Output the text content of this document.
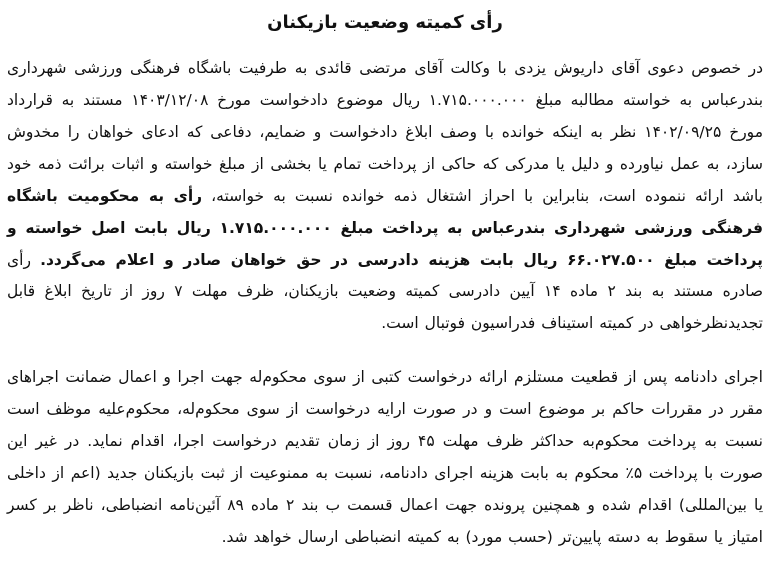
رأی کمیته وضعیت بازیکنان

در خصوص دعوی آقای داریوش یزدی با وکالت آقای مرتضی قائدی به طرفیت باشگاه فرهنگی ورزشی شهرداری بندرعباس به خواسته مطالبه مبلغ ۱.۷۱۵.۰۰۰.۰۰۰ ریال موضوع دادخواست مورخ ۱۴۰۳/۱۲/۰۸ مستند به قرارداد مورخ ۱۴۰۲/۰۹/۲۵ نظر به اینکه خوانده با وصف ابلاغ دادخواست و ضمایم، دفاعی که ادعای خواهان را مخدوش سازد، به عمل نیاورده و دلیل یا مدرکی که حاکی از پرداخت تمام یا بخشی از مبلغ خواسته و اثبات برائت ذمه خود باشد ارائه ننموده است، بنابراین با احراز اشتغال ذمه خوانده نسبت به خواسته، رأی به محکومیت باشگاه فرهنگی ورزشی شهرداری بندرعباس به پرداخت مبلغ ۱.۷۱۵.۰۰۰.۰۰۰ ریال بابت اصل خواسته و پرداخت مبلغ ۶۶.۰۲۷.۵۰۰ ریال بابت هزینه دادرسی در حق خواهان صادر و اعلام می‌گردد. رأی صادره مستند به بند ۲ ماده ۱۴ آیین دادرسی کمیته وضعیت بازیکنان، ظرف مهلت ۷ روز از تاریخ ابلاغ قابل تجدیدنظرخواهی در کمیته استیناف فدراسیون فوتبال است.

اجرای دادنامه پس از قطعیت مستلزم ارائه درخواست کتبی از سوی محکوم‌له جهت اجرا و اعمال ضمانت اجراهای مقرر در مقررات حاکم بر موضوع است و در صورت ارایه درخواست از سوی محکوم‌له، محکوم‌علیه موظف است نسبت به پرداخت محکوم‌به حداکثر ظرف مهلت ۴۵ روز از زمان تقدیم درخواست اجرا، اقدام نماید. در غیر این صورت با پرداخت ۵٪ محکوم به بابت هزینه اجرای دادنامه، نسبت به ممنوعیت از ثبت بازیکنان جدید (اعم از داخلی یا بین‌المللی) اقدام شده و همچنین پرونده جهت اعمال قسمت ب بند ۲ ماده ۸۹ آئین‌نامه انضباطی، ناظر بر کسر امتیاز یا سقوط به دسته پایین‌تر (حسب مورد) به کمیته انضباطی ارسال خواهد شد.
